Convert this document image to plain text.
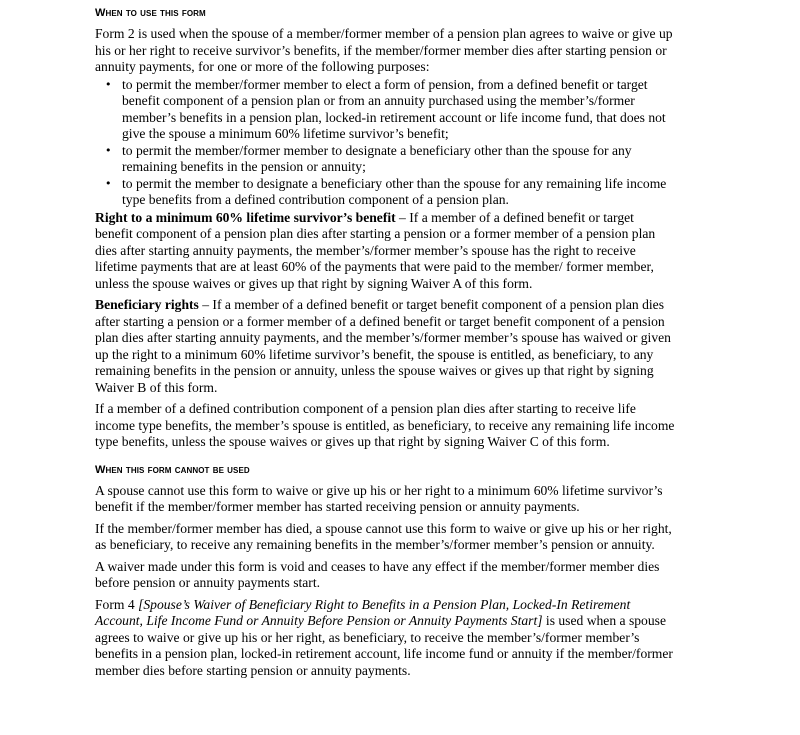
When to use this form

Form 2 is used when the spouse of a member/former member of a pension plan agrees to waive or give up his or her right to receive survivor’s benefits, if the member/former member dies after starting pension or annuity payments, for one or more of the following purposes:

• to permit the member/former member to elect a form of pension, from a defined benefit or target benefit component of a pension plan or from an annuity purchased using the member’s/former member’s benefits in a pension plan, locked-in retirement account or life income fund, that does not give the spouse a minimum 60% lifetime survivor’s benefit;
• to permit the member/former member to designate a beneficiary other than the spouse for any remaining benefits in the pension or annuity;
• to permit the member to designate a beneficiary other than the spouse for any remaining life income type benefits from a defined contribution component of a pension plan.

Right to a minimum 60% lifetime survivor’s benefit – If a member of a defined benefit or target benefit component of a pension plan dies after starting a pension or a former member of a pension plan dies after starting annuity payments, the member’s/former member’s spouse has the right to receive lifetime payments that are at least 60% of the payments that were paid to the member/ former member, unless the spouse waives or gives up that right by signing Waiver A of this form.

Beneficiary rights – If a member of a defined benefit or target benefit component of a pension plan dies after starting a pension or a former member of a defined benefit or target benefit component of a pension plan dies after starting annuity payments, and the member’s/former member’s spouse has waived or given up the right to a minimum 60% lifetime survivor’s benefit, the spouse is entitled, as beneficiary, to any remaining benefits in the pension or annuity, unless the spouse waives or gives up that right by signing Waiver B of this form.

If a member of a defined contribution component of a pension plan dies after starting to receive life income type benefits, the member’s spouse is entitled, as beneficiary, to receive any remaining life income type benefits, unless the spouse waives or gives up that right by signing Waiver C of this form.

When this form cannot be used

A spouse cannot use this form to waive or give up his or her right to a minimum 60% lifetime survivor’s benefit if the member/former member has started receiving pension or annuity payments.

If the member/former member has died, a spouse cannot use this form to waive or give up his or her right, as beneficiary, to receive any remaining benefits in the member’s/former member’s pension or annuity.

A waiver made under this form is void and ceases to have any effect if the member/former member dies before pension or annuity payments start.

Form 4 [Spouse’s Waiver of Beneficiary Right to Benefits in a Pension Plan, Locked-In Retirement Account, Life Income Fund or Annuity Before Pension or Annuity Payments Start] is used when a spouse agrees to waive or give up his or her right, as beneficiary, to receive the member’s/former member’s benefits in a pension plan, locked-in retirement account, life income fund or annuity if the member/former member dies before starting pension or annuity payments.
